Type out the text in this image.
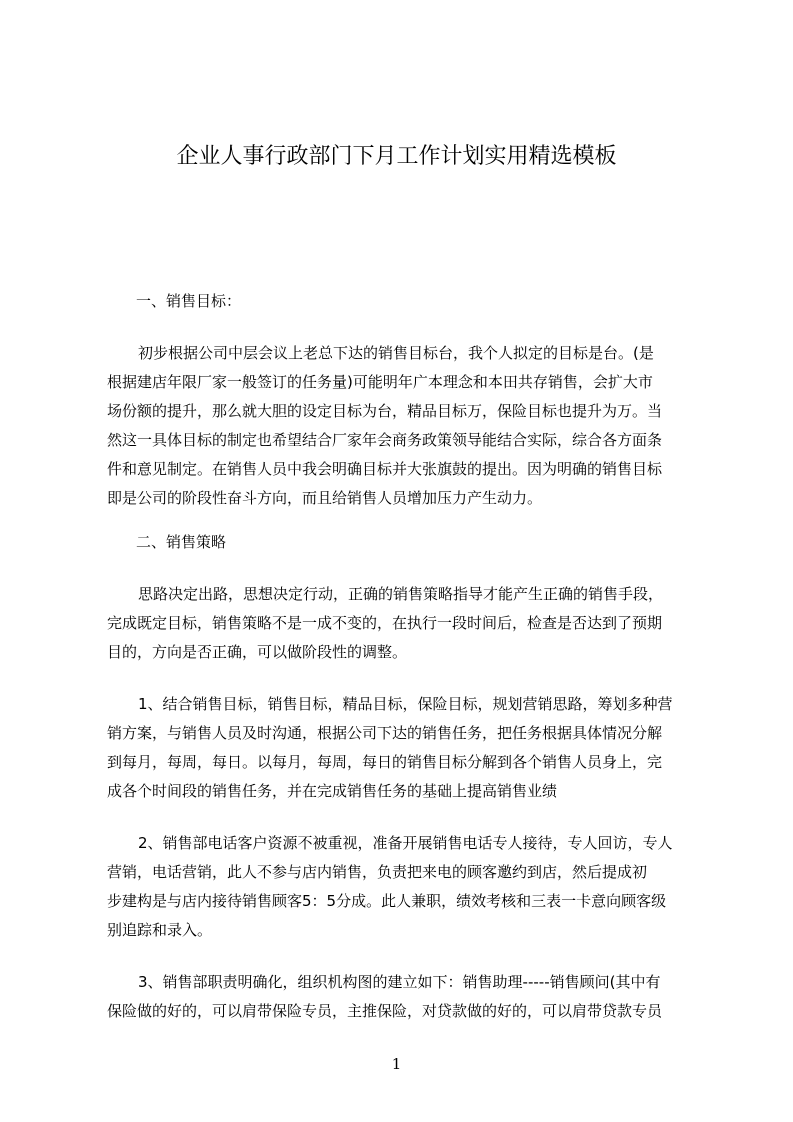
企业人事行政部门下月工作计划实用精选模板
一、销售目标：
初步根据公司中层会议上老总下达的销售目标台，我个人拟定的目标是台。(是
根据建店年限厂家一般签订的任务量)可能明年广本理念和本田共存销售，会扩大市
场份额的提升，那么就大胆的设定目标为台，精品目标万，保险目标也提升为万。当
然这一具体目标的制定也希望结合厂家年会商务政策领导能结合实际，综合各方面条
件和意见制定。在销售人员中我会明确目标并大张旗鼓的提出。因为明确的销售目标
即是公司的阶段性奋斗方向，而且给销售人员增加压力产生动力。
二、销售策略
思路决定出路，思想决定行动，正确的销售策略指导才能产生正确的销售手段，
完成既定目标，销售策略不是一成不变的，在执行一段时间后，检查是否达到了预期
目的，方向是否正确，可以做阶段性的调整。
1、结合销售目标，销售目标，精品目标，保险目标，规划营销思路，筹划多种营
销方案，与销售人员及时沟通，根据公司下达的销售任务，把任务根据具体情况分解
到每月，每周，每日。以每月，每周，每日的销售目标分解到各个销售人员身上，完
成各个时间段的销售任务，并在完成销售任务的基础上提高销售业绩
2、销售部电话客户资源不被重视，准备开展销售电话专人接待，专人回访，专人
营销，电话营销，此人不参与店内销售，负责把来电的顾客邀约到店，然后提成初
步建构是与店内接待销售顾客5：5分成。此人兼职，绩效考核和三表一卡意向顾客级
别追踪和录入。
3、销售部职责明确化，组织机构图的建立如下：销售助理-----销售顾问(其中有
保险做的好的，可以肩带保险专员，主推保险，对贷款做的好的，可以肩带贷款专员
1
